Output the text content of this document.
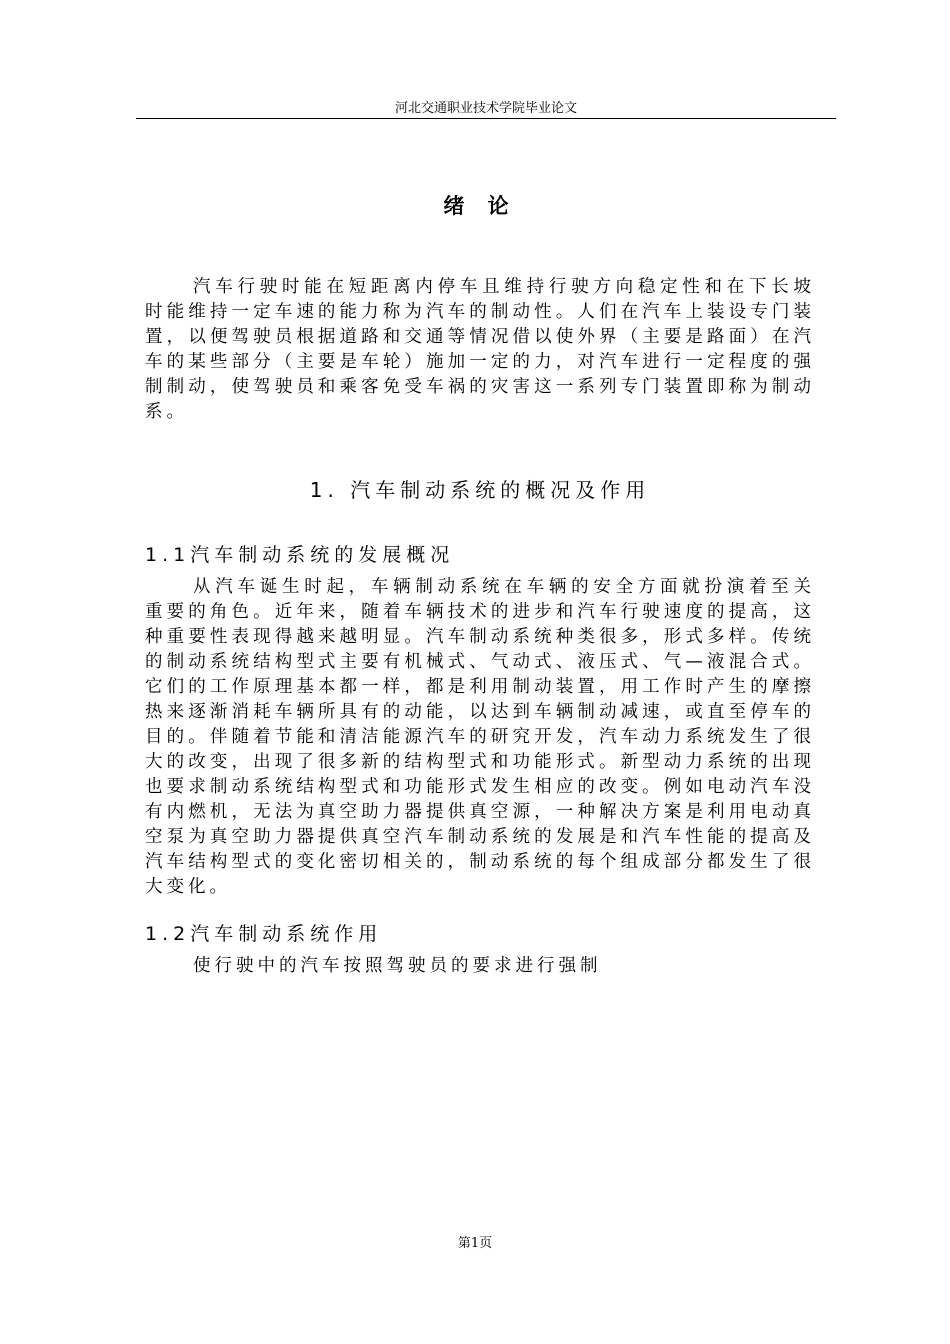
河北交通职业技术学院毕业论文
绪 论

汽车行驶时能在短距离内停车且维持行驶方向稳定性和在下长坡时能维持一定车速的能力称为汽车的制动性。人们在汽车上装设专门装置，以便驾驶员根据道路和交通等情况借以使外界（主要是路面）在汽车的某些部分（主要是车轮）施加一定的力，对汽车进行一定程度的强制制动，使驾驶员和乘客免受车祸的灾害这一系列专门装置即称为制动系。

1. 汽车制动系统的概况及作用
1.1汽车制动系统的发展概况

从汽车诞生时起，车辆制动系统在车辆的安全方面就扮演着至关重要的角色。近年来，随着车辆技术的进步和汽车行驶速度的提高，这种重要性表现得越来越明显。汽车制动系统种类很多，形式多样。传统的制动系统结构型式主要有机械式、气动式、液压式、气—液混合式。它们的工作原理基本都一样，都是利用制动装置，用工作时产生的摩擦热来逐渐消耗车辆所具有的动能，以达到车辆制动减速，或直至停车的目的。伴随着节能和清洁能源汽车的研究开发，汽车动力系统发生了很大的改变，出现了很多新的结构型式和功能形式。新型动力系统的出现也要求制动系统结构型式和功能形式发生相应的改变。例如电动汽车没有内燃机，无法为真空助力器提供真空源，一种解决方案是利用电动真空泵为真空助力器提供真空汽车制动系统的发展是和汽车性能的提高及汽车结构型式的变化密切相关的，制动系统的每个组成部分都发生了很大变化。

1.2汽车制动系统作用

使行驶中的汽车按照驾驶员的要求进行强制

第1页
